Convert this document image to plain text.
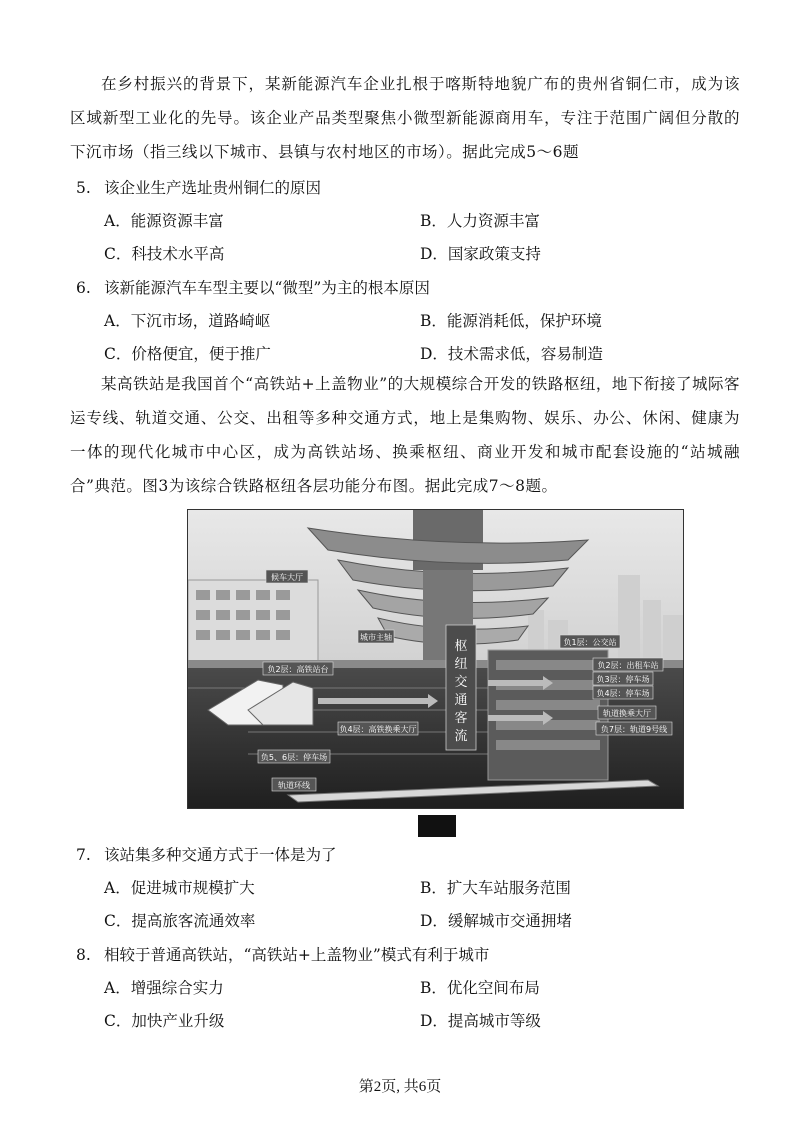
在乡村振兴的背景下，某新能源汽车企业扎根于喀斯特地貌广布的贵州省铜仁市，成为该区域新型工业化的先导。该企业产品类型聚焦小微型新能源商用车，专注于范围广阔但分散的下沉市场（指三线以下城市、县镇与农村地区的市场）。据此完成5～6题
5. 该企业生产选址贵州铜仁的原因
A．能源资源丰富	B．人力资源丰富
C．科技术水平高	D．国家政策支持
6. 该新能源汽车车型主要以“微型”为主的根本原因
A．下沉市场，道路崎岖	B．能源消耗低，保护环境
C．价格便宜，便于推广	D．技术需求低，容易制造
某高铁站是我国首个“高铁站+上盖物业”的大规模综合开发的铁路枢纽，地下衔接了城际客运专线、轨道交通、公交、出租等多种交通方式，地上是集购物、娱乐、办公、休闲、健康为一体的现代化城市中心区，成为高铁站场、换乘枢纽、商业开发和城市配套设施的“站城融合”典范。图3为该综合铁路枢纽各层功能分布图。据此完成7～8题。
枢
纽
交
通
客
流
候车大厅
城市主轴
负2层：高铁站台
负4层：高铁换乘大厅
负5、6层：停车场
轨道环线
负1层：公交站
负2层：出租车站
负3层：停车场
负4层：停车场
轨道换乘大厅
负7层：轨道9号线
7. 该站集多种交通方式于一体是为了
A．促进城市规模扩大	B．扩大车站服务范围
C．提高旅客流通效率	D．缓解城市交通拥堵
8. 相较于普通高铁站，“高铁站+上盖物业”模式有利于城市
A．增强综合实力	B．优化空间布局
C．加快产业升级	D．提高城市等级
第2页, 共6页
